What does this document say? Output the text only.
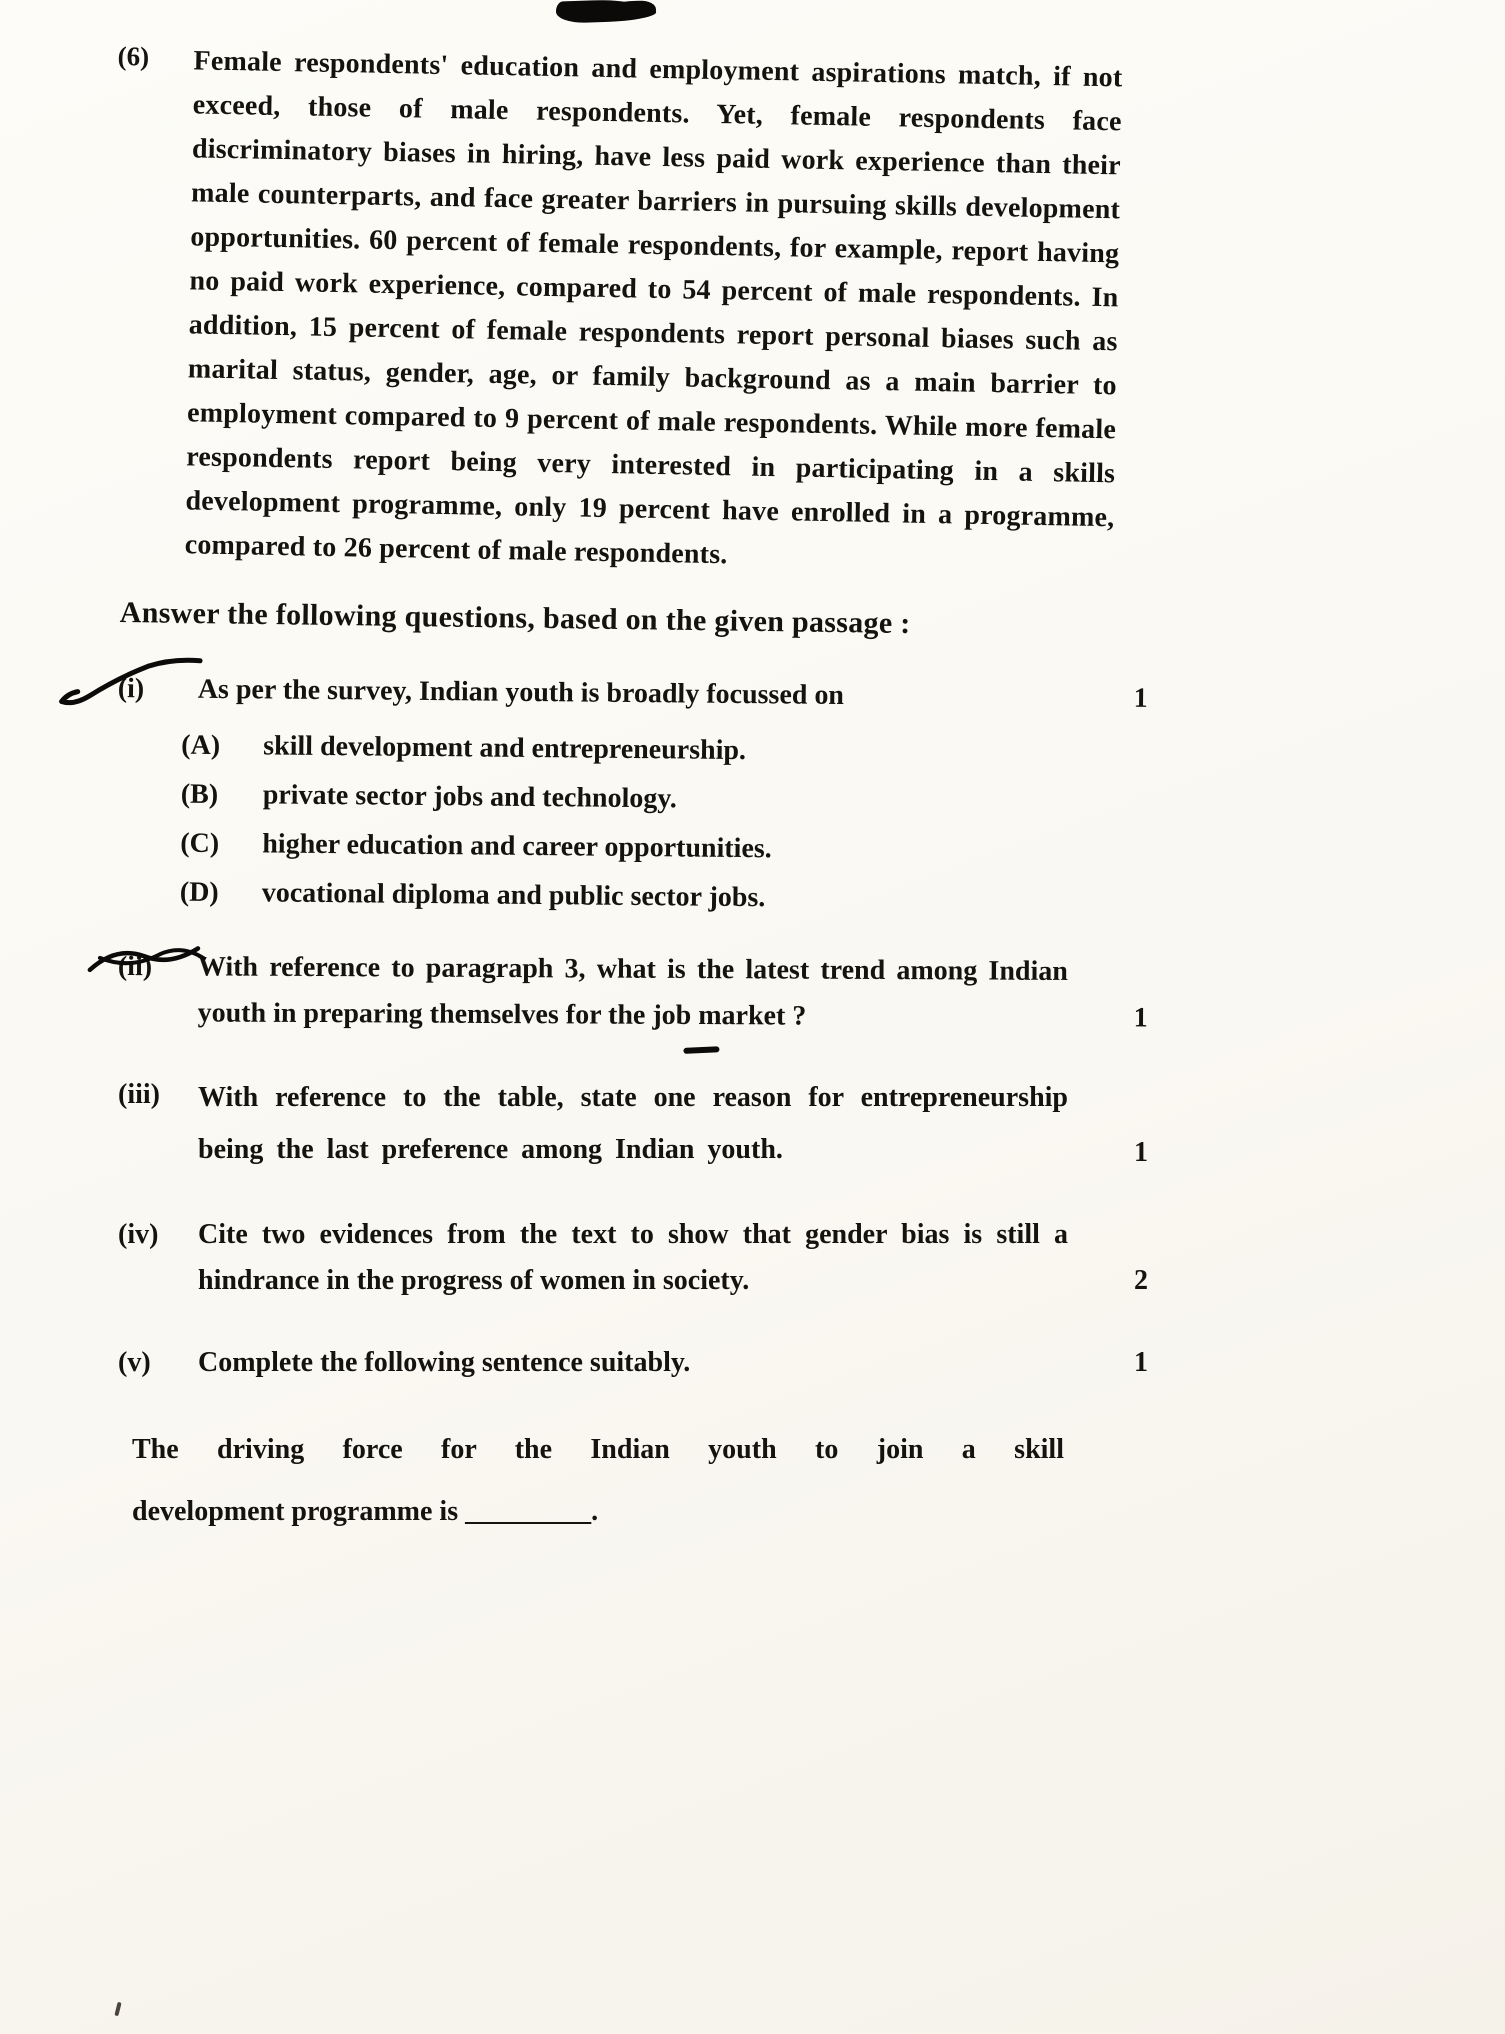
(6)	Female respondents' education and employment aspirations match, if not exceed, those of male respondents. Yet, female respondents face discriminatory biases in hiring, have less paid work experience than their male counterparts, and face greater barriers in pursuing skills development opportunities. 60 percent of female respondents, for example, report having no paid work experience, compared to 54 percent of male respondents. In addition, 15 percent of female respondents report personal biases such as marital status, gender, age, or family background as a main barrier to employment compared to 9 percent of male respondents. While more female respondents report being very interested in participating in a skills development programme, only 19 percent have enrolled in a programme, compared to 26 percent of male respondents.

Answer the following questions, based on the given passage :
(i)	As per the survey, Indian youth is broadly focussed on	1
(A)	skill development and entrepreneurship.

(B)	private sector jobs and technology.

(C)	higher education and career opportunities.

(D)	vocational diploma and public sector jobs.

(ii)	With reference to paragraph 3, what is the latest trend among Indian youth in preparing themselves for the job market ?	1
(iii)	With reference to the table, state one reason for entrepreneurship being the last preference among Indian youth.	1
(iv)	Cite two evidences from the text to show that gender bias is still a hindrance in the progress of women in society.	2
(v)	Complete the following sentence suitably.	1

The driving force for the Indian youth to join a skill
development programme is _________.
